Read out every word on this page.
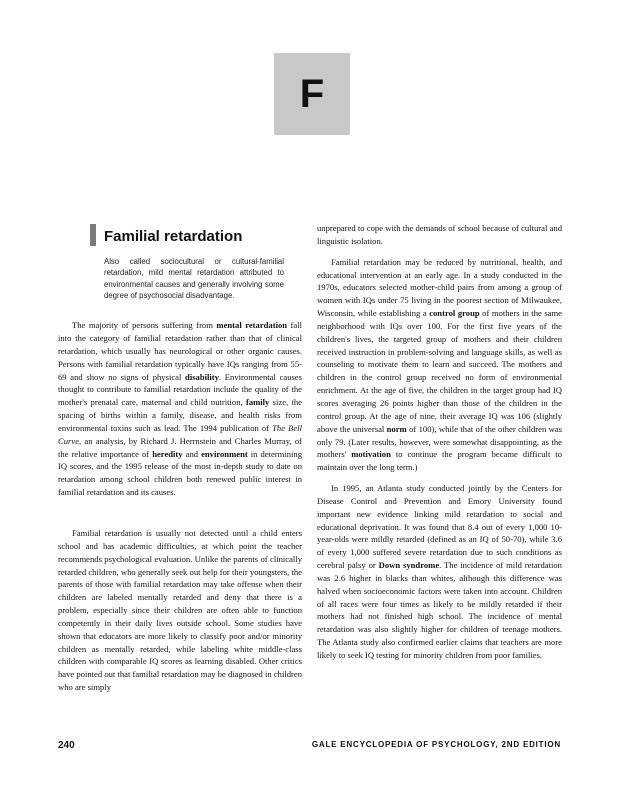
F
Familial retardation
Also called sociocultural or cultural-familial retardation, mild mental retardation attributed to environmental causes and generally involving some degree of psychosocial disadvantage.

The majority of persons suffering from mental retardation fall into the category of familial retardation rather than that of clinical retardation, which usually has neurological or other organic causes. Persons with familial retardation typically have IQs ranging from 55-69 and show no signs of physical disability. Environmental causes thought to contribute to familial retardation include the quality of the mother's prenatal care, maternal and child nutrition, family size, the spacing of births within a family, disease, and health risks from environmental toxins such as lead. The 1994 publication of The Bell Curve, an analysis, by Richard J. Herrnstein and Charles Murray, of the relative importance of heredity and environment in determining IQ scores, and the 1995 release of the most in-depth study to date on retardation among school children both renewed public interest in familial retardation and its causes.

Familial retardation is usually not detected until a child enters school and has academic difficulties, at which point the teacher recommends psychological evaluation. Unlike the parents of clinically retarded children, who generally seek out help for their youngsters, the parents of those with familial retardation may take offense when their children are labeled mentally retarded and deny that there is a problem, especially since their children are often able to function competently in their daily lives outside school. Some studies have shown that educators are more likely to classify poor and/or minority children as mentally retarded, while labeling white middle-class children with comparable IQ scores as learning disabled. Other critics have pointed out that familial retardation may be diagnosed in children who are simply

unprepared to cope with the demands of school because of cultural and linguistic isolation.

Familial retardation may be reduced by nutritional, health, and educational intervention at an early age. In a study conducted in the 1970s, educators selected mother-child pairs from among a group of women with IQs under 75 living in the poorest section of Milwaukee, Wisconsin, while establishing a control group of mothers in the same neighborhood with IQs over 100. For the first five years of the children's lives, the targeted group of mothers and their children received instruction in problem-solving and language skills, as well as counseling to motivate them to learn and succeed. The mothers and children in the control group received no form of environmental enrichment. At the age of five, the children in the target group had IQ scores averaging 26 points higher than those of the children in the control group. At the age of nine, their average IQ was 106 (slightly above the universal norm of 100), while that of the other children was only 79. (Later results, however, were somewhat disappointing, as the mothers' motivation to continue the program became difficult to maintain over the long term.)

In 1995, an Atlanta study conducted jointly by the Centers for Disease Control and Prevention and Emory University found important new evidence linking mild retardation to social and educational deprivation. It was found that 8.4 out of every 1,000 10-year-olds were mildly retarded (defined as an IQ of 50-70), while 3.6 of every 1,000 suffered severe retardation due to such conditions as cerebral palsy or Down syndrome. The incidence of mild retardation was 2.6 higher in blacks than whites, although this difference was halved when socioeconomic factors were taken into account. Children of all races were four times as likely to be mildly retarded if their mothers had not finished high school. The incidence of mental retardation was also slightly higher for children of teenage mothers. The Atlanta study also confirmed earlier claims that teachers are more likely to seek IQ testing for minority children from poor families.

240	GALE ENCYCLOPEDIA OF PSYCHOLOGY, 2ND EDITION
